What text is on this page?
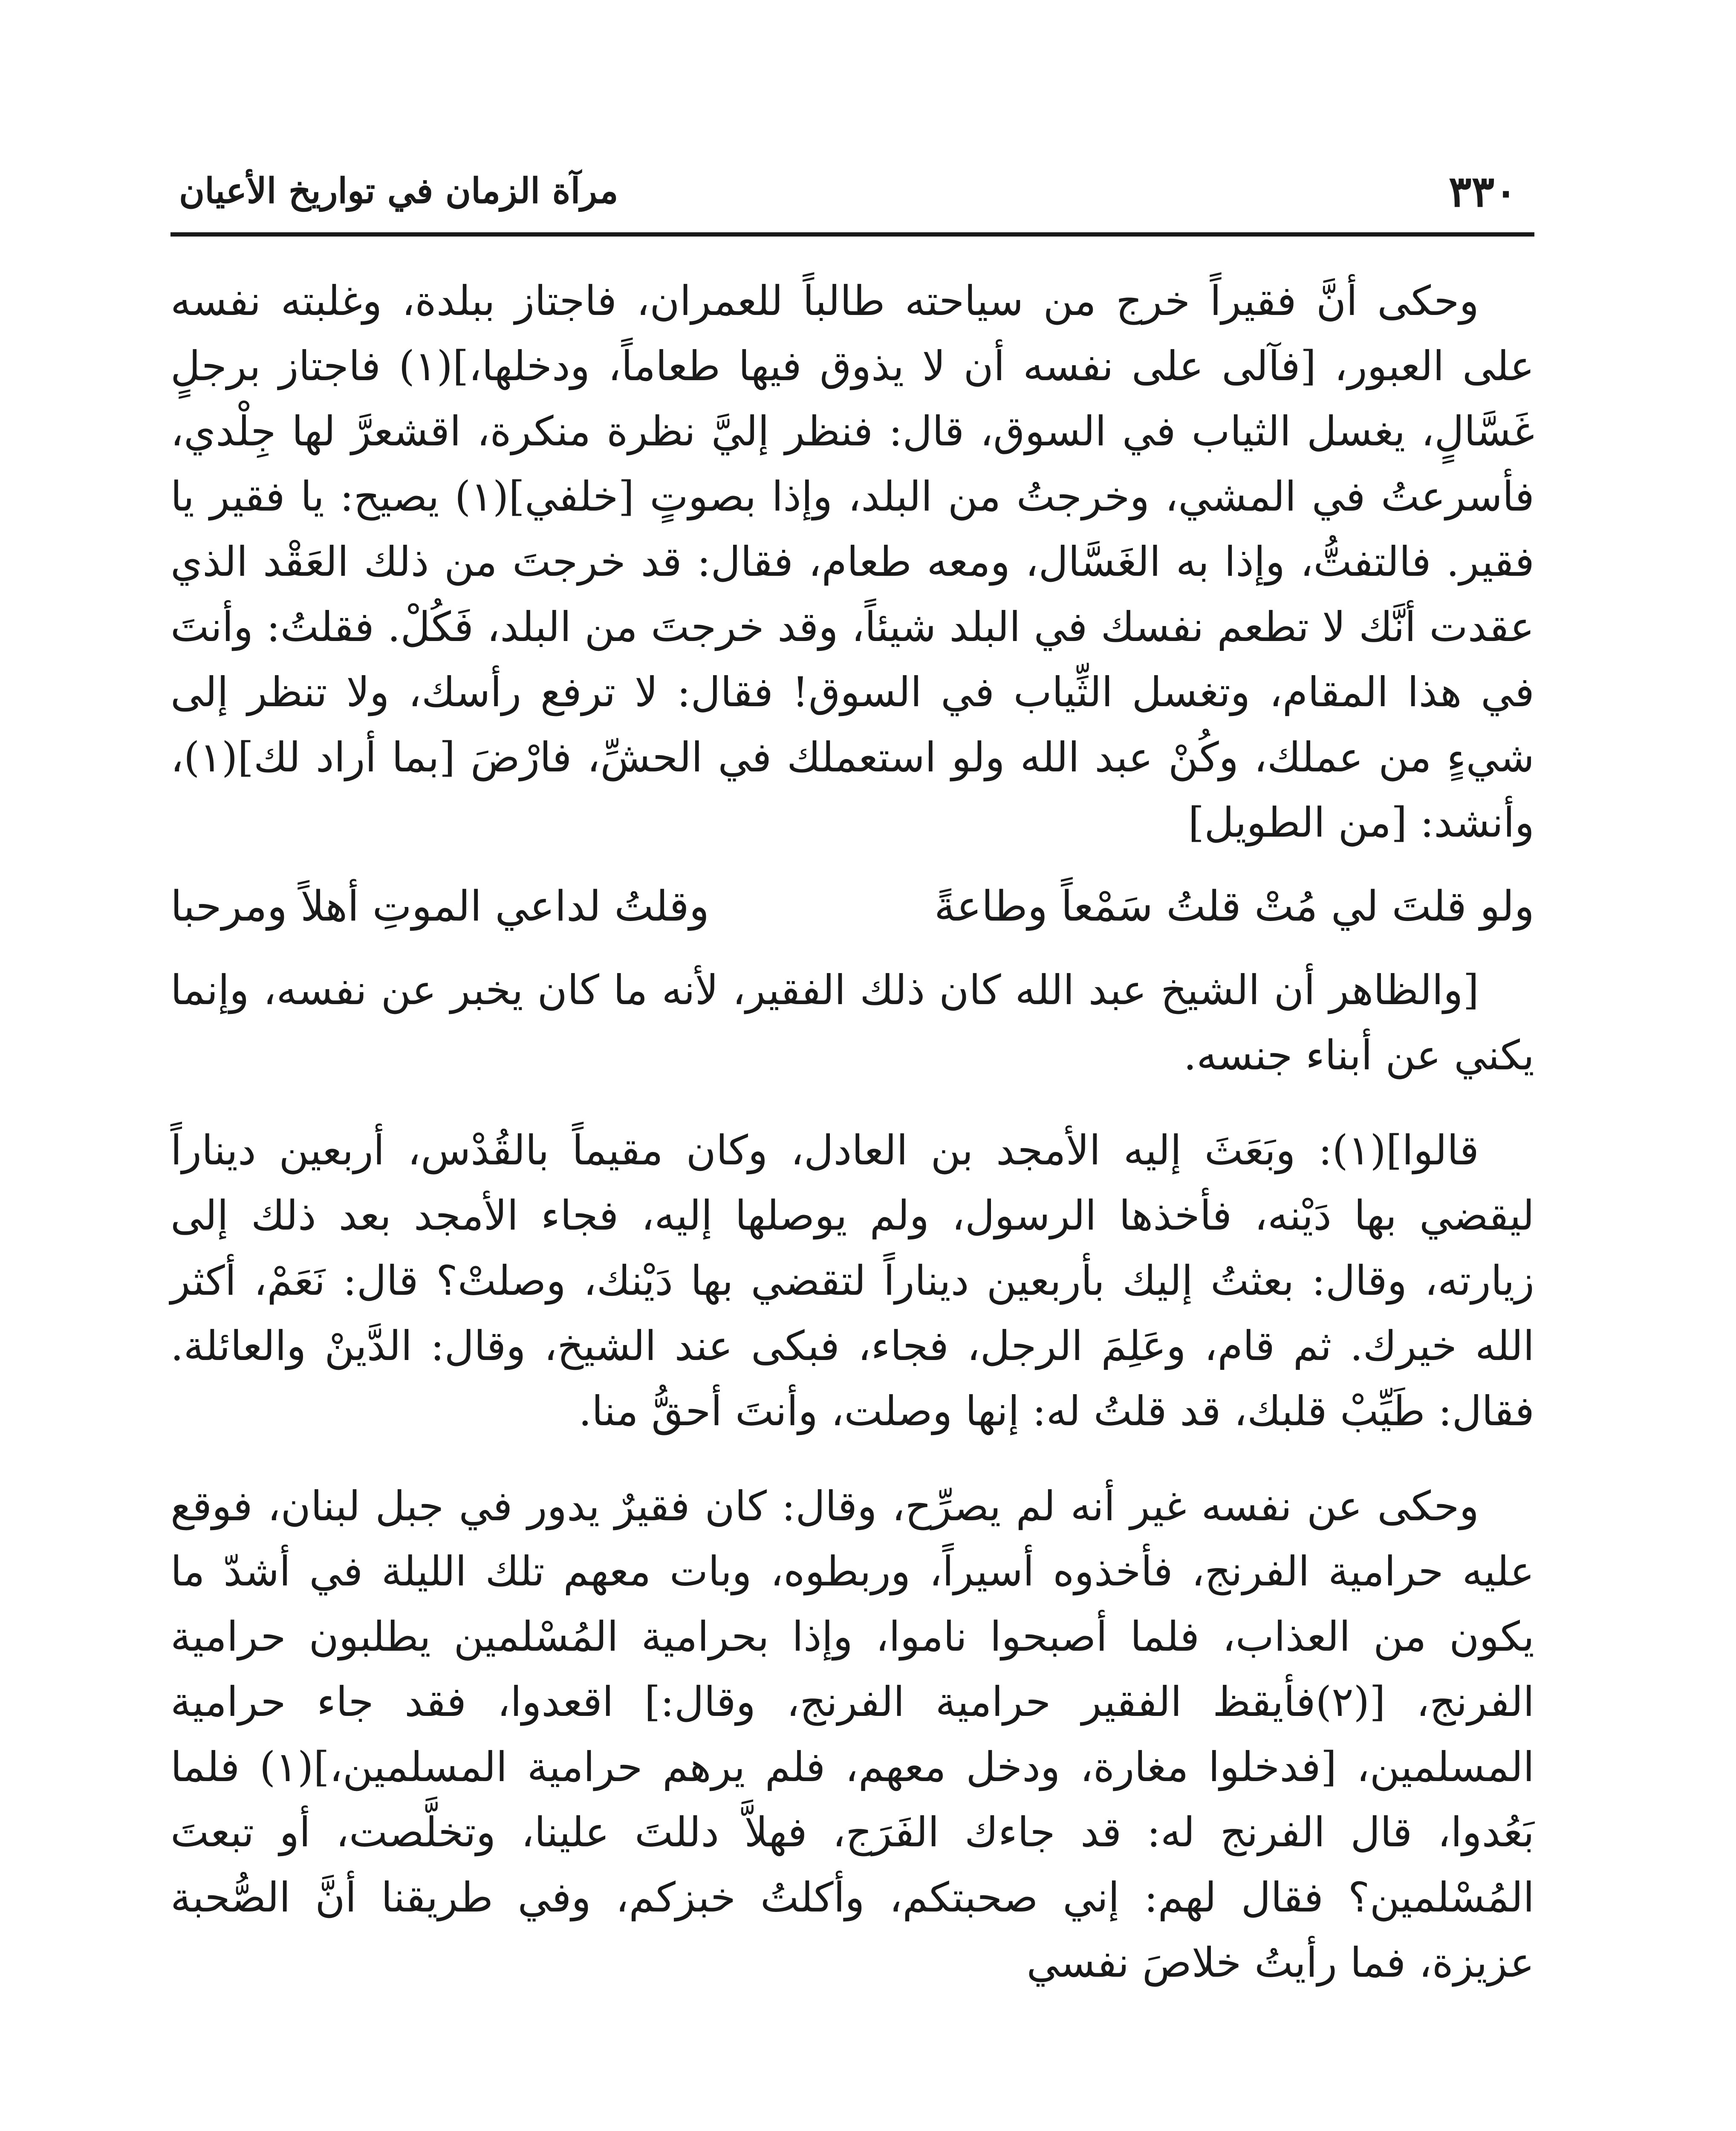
٣٣٠
مرآة الزمان في تواريخ الأعيان

وحكى أنَّ فقيراً خرج من سياحته طالباً للعمران، فاجتاز ببلدة، وغلبته نفسه على العبور، [فآلى على نفسه أن لا يذوق فيها طعاماً، ودخلها،](١) فاجتاز برجلٍ غَسَّالٍ، يغسل الثياب في السوق، قال: فنظر إليَّ نظرة منكرة، اقشعرَّ لها جِلْدي، فأسرعتُ في المشي، وخرجتُ من البلد، وإذا بصوتٍ [خلفي](١) يصيح: يا فقير يا فقير. فالتفتُّ، وإذا به الغَسَّال، ومعه طعام، فقال: قد خرجتَ من ذلك العَقْد الذي عقدت أنَّك لا تطعم نفسك في البلد شيئاً، وقد خرجتَ من البلد، فَكُلْ. فقلتُ: وأنتَ في هذا المقام، وتغسل الثِّياب في السوق! فقال: لا ترفع رأسك، ولا تنظر إلى شيءٍ من عملك، وكُنْ عبد الله ولو استعملك في الحشِّ، فارْضَ [بما أراد لك](١)، وأنشد: [من الطويل]

ولو قلتَ لي مُتْ قلتُ سَمْعاً وطاعةً
وقلتُ لداعي الموتِ أهلاً ومرحبا

[والظاهر أن الشيخ عبد الله كان ذلك الفقير، لأنه ما كان يخبر عن نفسه، وإنما يكني عن أبناء جنسه.

قالوا](١): وبَعَثَ إليه الأمجد بن العادل، وكان مقيماً بالقُدْس، أربعين ديناراً ليقضي بها دَيْنه، فأخذها الرسول، ولم يوصلها إليه، فجاء الأمجد بعد ذلك إلى زيارته، وقال: بعثتُ إليك بأربعين ديناراً لتقضي بها دَيْنك، وصلتْ؟ قال: نَعَمْ، أكثر الله خيرك. ثم قام، وعَلِمَ الرجل، فجاء، فبكى عند الشيخ، وقال: الدَّينْ والعائلة. فقال: طَيِّبْ قلبك، قد قلتُ له: إنها وصلت، وأنتَ أحقُّ منا.

وحكى عن نفسه غير أنه لم يصرِّح، وقال: كان فقيرٌ يدور في جبل لبنان، فوقع عليه حرامية الفرنج، فأخذوه أسيراً، وربطوه، وبات معهم تلك الليلة في أشدّ ما يكون من العذاب، فلما أصبحوا ناموا، وإذا بحرامية المُسْلمين يطلبون حرامية الفرنج، [(٢)فأيقظ الفقير حرامية الفرنج، وقال:] اقعدوا، فقد جاء حرامية المسلمين، [فدخلوا مغارة، ودخل معهم، فلم يرهم حرامية المسلمين،](١) فلما بَعُدوا، قال الفرنج له: قد جاءك الفَرَج، فهلاَّ دللتَ علينا، وتخلَّصت، أو تبعتَ المُسْلمين؟ فقال لهم: إني صحبتكم، وأكلتُ خبزكم، وفي طريقنا أنَّ الصُّحبة عزيزة، فما رأيتُ خلاصَ نفسي
